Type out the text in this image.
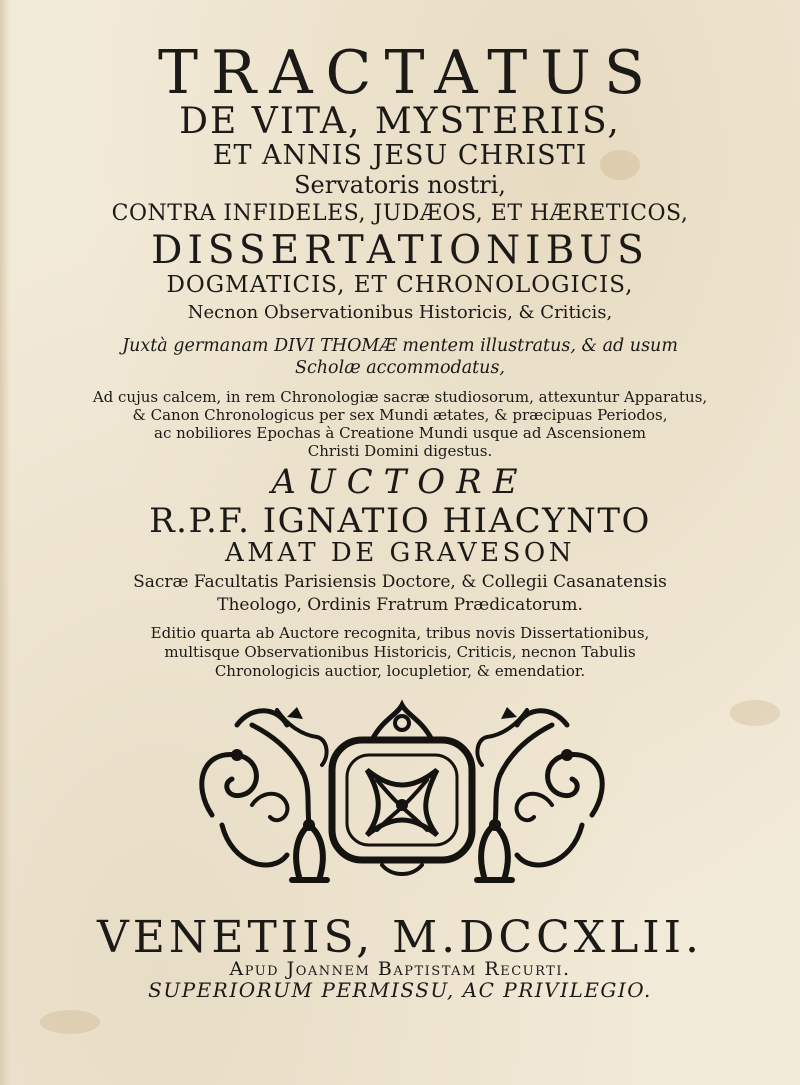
TRACTATUS

DE VITA, MYSTERIIS,

ET ANNIS JESU CHRISTI

Servatoris nostri,

CONTRA INFIDELES, JUDÆOS, ET HÆRETICOS,

DISSERTATIONIBUS

DOGMATICIS, ET CHRONOLOGICIS,

Necnon Observationibus Historicis, & Criticis,

Juxtà germanam DIVI THOMÆ mentem illustratus, & ad usum

Scholæ accommodatus,

Ad cujus calcem, in rem Chronologiæ sacræ studiosorum, attexuntur Apparatus,

& Canon Chronologicus per sex Mundi ætates, & præcipuas Periodos,

ac nobiliores Epochas à Creatione Mundi usque ad Ascensionem

Christi Domini digestus.

AUCTORE

R.P.F. IGNATIO HIACYNTO

AMAT DE GRAVESON

Sacræ Facultatis Parisiensis Doctore, & Collegii Casanatensis

Theologo, Ordinis Fratrum Prædicatorum.

Editio quarta ab Auctore recognita, tribus novis Dissertationibus,

multisque Observationibus Historicis, Criticis, necnon Tabulis

Chronologicis auctior, locupletior, & emendatior.

VENETIIS, M.DCCXLII.

Apud Joannem Baptistam Recurti.

SUPERIORUM PERMISSU, AC PRIVILEGIO.
